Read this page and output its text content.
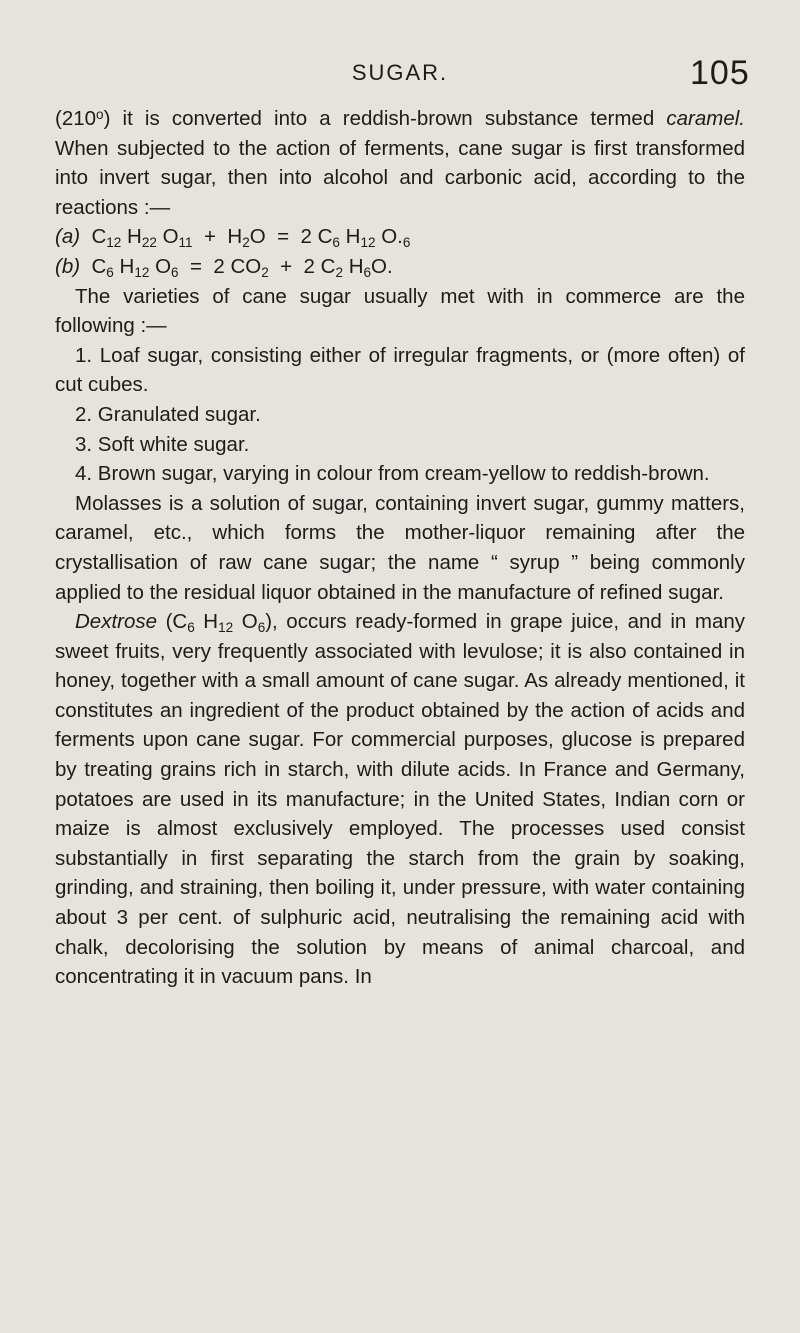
SUGAR.	105

(210$^o$) it is converted into a reddish-brown substance termed caramel. When subjected to the action of ferments, cane sugar is first transformed into invert sugar, then into alcohol and carbonic acid, according to the reactions :—

(a) $C_{12}$ $H_{22}$ $O_{11} + H_2O = 2$ $C_6$ $H_{12}$ $O._6$

(b) $C_6$ $H_{12}$ $O_6 = 2$ $CO_2 + 2$ $C_2$ $H_6O$.

The varieties of cane sugar usually met with in commerce are the following :—

1. Loaf sugar, consisting either of irregular fragments, or (more often) of cut cubes.

2. Granulated sugar.

3. Soft white sugar.

4. Brown sugar, varying in colour from cream-yellow to reddish-brown.

Molasses is a solution of sugar, containing invert sugar, gummy matters, caramel, etc., which forms the mother-liquor remaining after the crystallisation of raw cane sugar; the name “ syrup ” being commonly applied to the residual liquor obtained in the manufacture of refined sugar.

Dextrose ($C_6$ $H_{12}$ $O_6$), occurs ready-formed in grape juice, and in many sweet fruits, very frequently associated with levulose; it is also contained in honey, together with a small amount of cane sugar. As already mentioned, it constitutes an ingredient of the product obtained by the action of acids and ferments upon cane sugar. For commercial purposes, glucose is prepared by treating grains rich in starch, with dilute acids. In France and Germany, potatoes are used in its manufacture; in the United States, Indian corn or maize is almost exclusively employed. The processes used consist substantially in first separating the starch from the grain by soaking, grinding, and straining, then boiling it, under pressure, with water containing about 3 per cent. of sulphuric acid, neutralising the remaining acid with chalk, decolorising the solution by means of animal charcoal, and concentrating it in vacuum pans. In
